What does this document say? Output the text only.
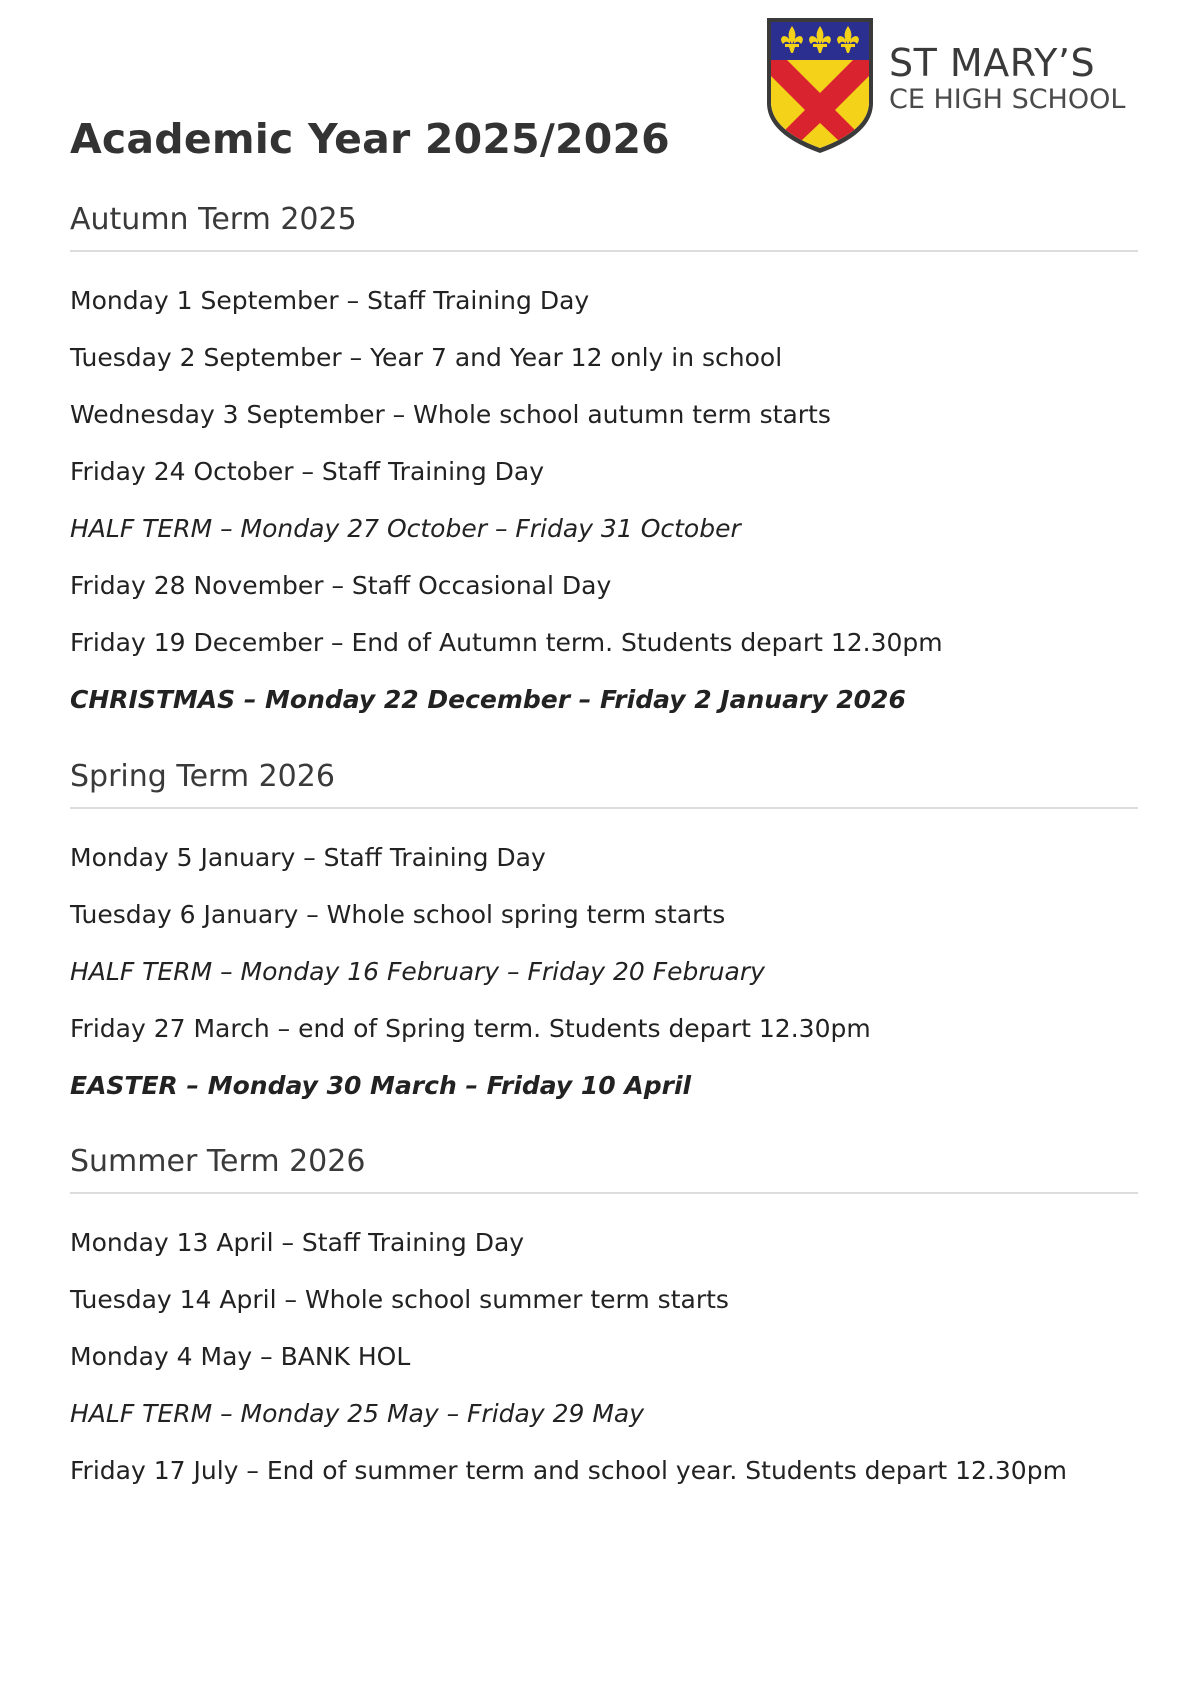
ST MARY’S
CE HIGH SCHOOL
Academic Year 2025/2026
Autumn Term 2025
Monday 1 September – Staff Training Day
Tuesday 2 September – Year 7 and Year 12 only in school
Wednesday 3 September – Whole school autumn term starts
Friday 24 October – Staff Training Day
HALF TERM – Monday 27 October – Friday 31 October
Friday 28 November – Staff Occasional Day
Friday 19 December – End of Autumn term. Students depart 12.30pm
CHRISTMAS – Monday 22 December – Friday 2 January 2026
Spring Term 2026
Monday 5 January – Staff Training Day
Tuesday 6 January – Whole school spring term starts
HALF TERM – Monday 16 February – Friday 20 February
Friday 27 March – end of Spring term. Students depart 12.30pm
EASTER – Monday 30 March – Friday 10 April
Summer Term 2026
Monday 13 April – Staff Training Day
Tuesday 14 April – Whole school summer term starts
Monday 4 May – BANK HOL
HALF TERM – Monday 25 May – Friday 29 May
Friday 17 July – End of summer term and school year. Students depart 12.30pm
